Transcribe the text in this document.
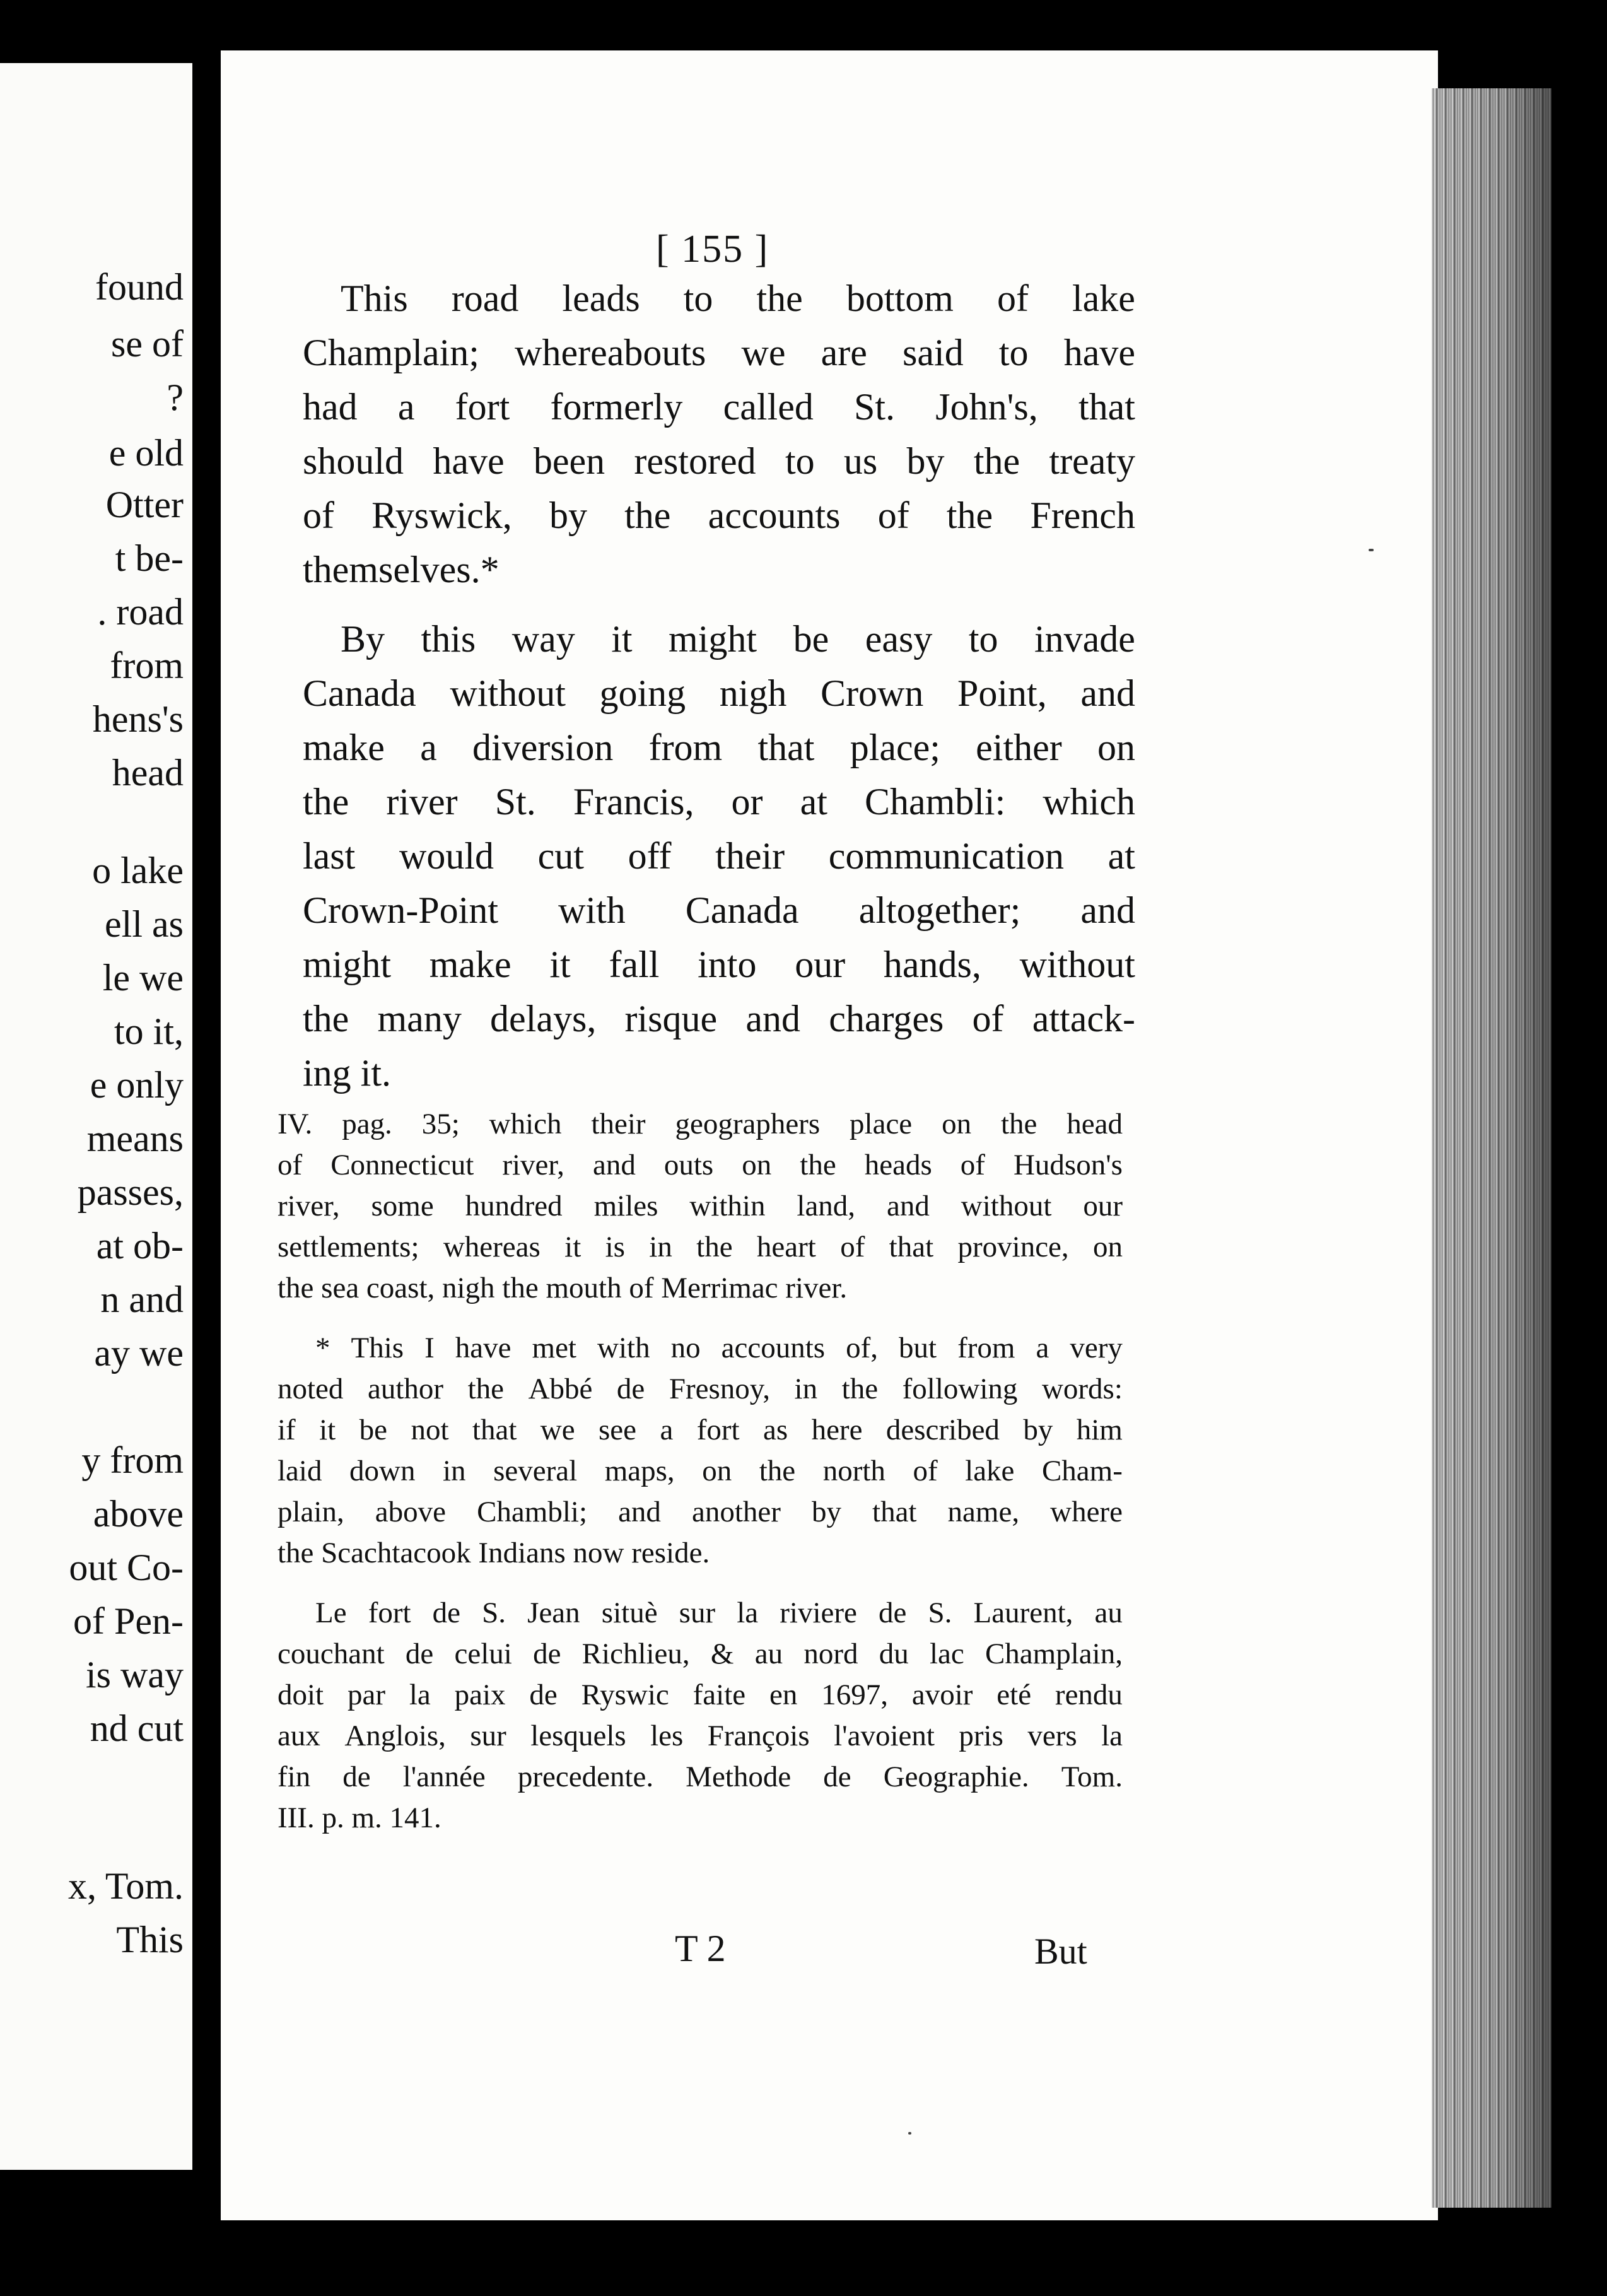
found
se of
?
e old
Otter
t be-
. road
from
hens's
head
o lake
ell as
le we
to it,
e only
means
passes,
at ob-
n and
ay we
y from
above
out Co-
of Pen-
is way
nd cut
x, Tom.
This
[ 155 ]
This road leads to the bottom of lake
Champlain; whereabouts we are said to have
had a fort formerly called St. John's, that
should have been restored to us by the treaty
of Ryswick, by the accounts of the French
themselves.*
By this way it might be easy to invade
Canada without going nigh Crown Point, and
make a diversion from that place; either on
the river St. Francis, or at Chambli: which
last would cut off their communication at
Crown-Point with Canada altogether; and
might make it fall into our hands, without
the many delays, risque and charges of attack-
ing it.
IV. pag. 35; which their geographers place on the head
of Connecticut river, and outs on the heads of Hudson's
river, some hundred miles within land, and without our
settlements; whereas it is in the heart of that province, on
the sea coast, nigh the mouth of Merrimac river.
* This I have met with no accounts of, but from a very
noted author the Abbé de Fresnoy, in the following words:
if it be not that we see a fort as here described by him
laid down in several maps, on the north of lake Cham-
plain, above Chambli; and another by that name, where
the Scachtacook Indians now reside.
Le fort de S. Jean situè sur la riviere de S. Laurent, au
couchant de celui de Richlieu, & au nord du lac Champlain,
doit par la paix de Ryswic faite en 1697, avoir eté rendu
aux Anglois, sur lesquels les François l'avoient pris vers la
fin de l'année precedente. Methode de Geographie. Tom.
III. p. m. 141.
T 2	But
